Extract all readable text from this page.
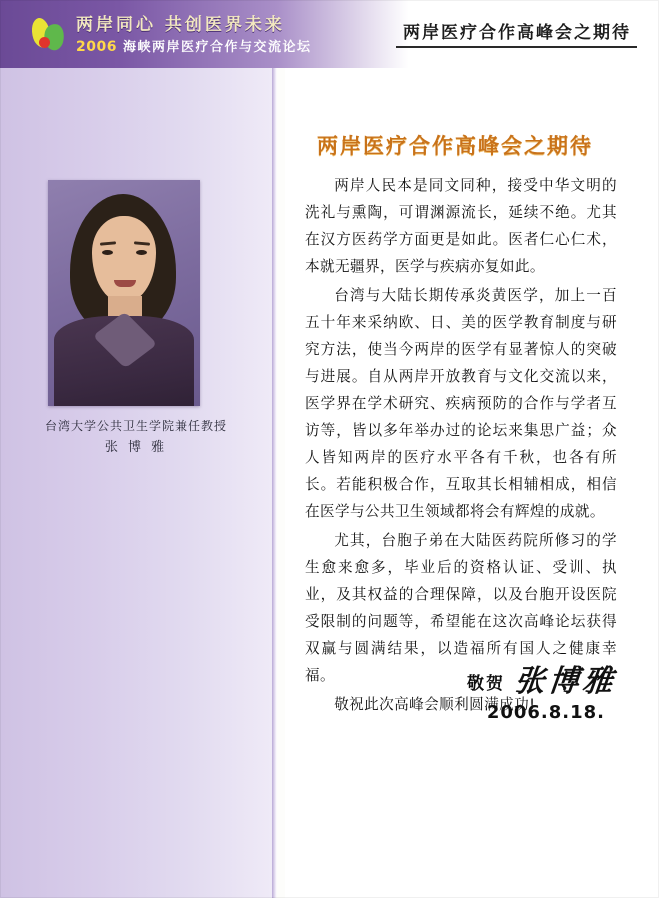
两岸同心 共创医界未来
2006 海峡两岸医疗合作与交流论坛
两岸医疗合作高峰会之期待
台湾大学公共卫生学院兼任教授
张 博 雅
两岸医疗合作高峰会之期待

两岸人民本是同文同种，接受中华文明的洗礼与熏陶，可谓渊源流长，延续不绝。尤其在汉方医药学方面更是如此。医者仁心仁术，本就无疆界，医学与疾病亦复如此。

台湾与大陆长期传承炎黄医学，加上一百五十年来采纳欧、日、美的医学教育制度与研究方法，使当今两岸的医学有显著惊人的突破与进展。自从两岸开放教育与文化交流以来，医学界在学术研究、疾病预防的合作与学者互访等，皆以多年举办过的论坛来集思广益；众人皆知两岸的医疗水平各有千秋，也各有所长。若能积极合作，互取其长相辅相成，相信在医学与公共卫生领域都将会有辉煌的成就。

尤其，台胞子弟在大陆医药院所修习的学生愈来愈多，毕业后的资格认证、受训、执业，及其权益的合理保障，以及台胞开设医院受限制的问题等，希望能在这次高峰论坛获得双赢与圆满结果，以造福所有国人之健康幸福。

敬祝此次高峰会顺利圆满成功!

敬贺 张博雅
2006.8.18.
